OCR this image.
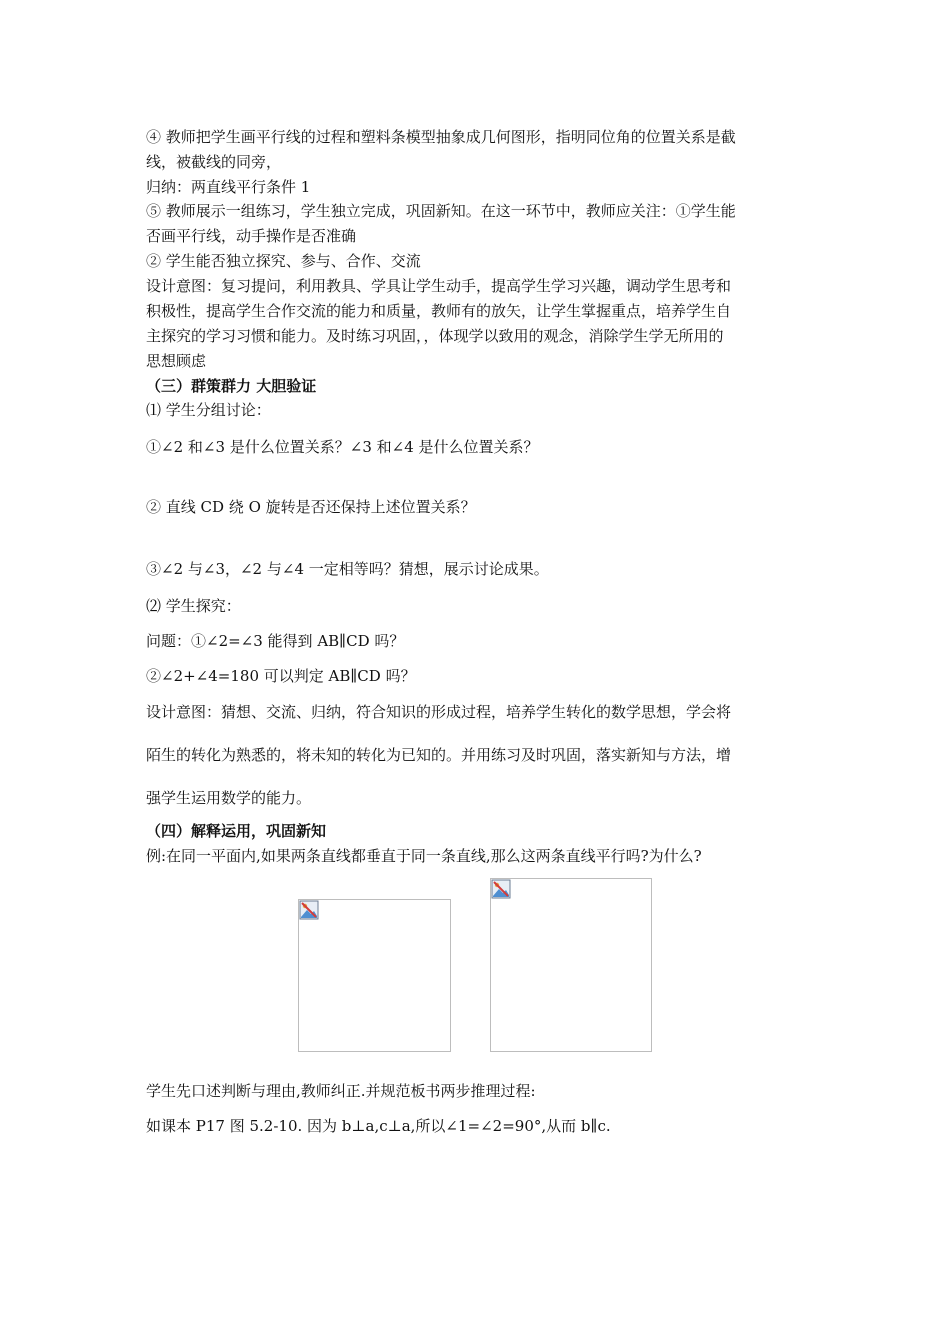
④ 教师把学生画平行线的过程和塑料条模型抽象成几何图形，指明同位角的位置关系是截
线，被截线的同旁，
归纳：两直线平行条件 1
⑤ 教师展示一组练习，学生独立完成，巩固新知。在这一环节中，教师应关注：①学生能
否画平行线，动手操作是否准确
② 学生能否独立探究、参与、合作、交流
设计意图：复习提问，利用教具、学具让学生动手，提高学生学习兴趣，调动学生思考和
积极性，提高学生合作交流的能力和质量，教师有的放矢，让学生掌握重点，培养学生自
主探究的学习习惯和能力。及时练习巩固，，体现学以致用的观念，消除学生学无所用的
思想顾虑
（三）群策群力 大胆验证
⑴ 学生分组讨论：
①∠2 和∠3 是什么位置关系？∠3 和∠4 是什么位置关系？
② 直线 CD 绕 O 旋转是否还保持上述位置关系？
③∠2 与∠3，∠2 与∠4 一定相等吗？猜想，展示讨论成果。
⑵ 学生探究：
问题：①∠2=∠3 能得到 AB∥CD 吗？
②∠2+∠4=180 可以判定 AB∥CD 吗？
设计意图：猜想、交流、归纳，符合知识的形成过程，培养学生转化的数学思想，学会将
陌生的转化为熟悉的，将未知的转化为已知的。并用练习及时巩固，落实新知与方法，增
强学生运用数学的能力。
（四）解释运用，巩固新知
例:在同一平面内,如果两条直线都垂直于同一条直线,那么这两条直线平行吗?为什么?
学生先口述判断与理由,教师纠正.并规范板书两步推理过程:
如课本 P17 图 5.2-10. 因为 b⊥a,c⊥a,所以∠1=∠2=90°,从而 b∥c.
